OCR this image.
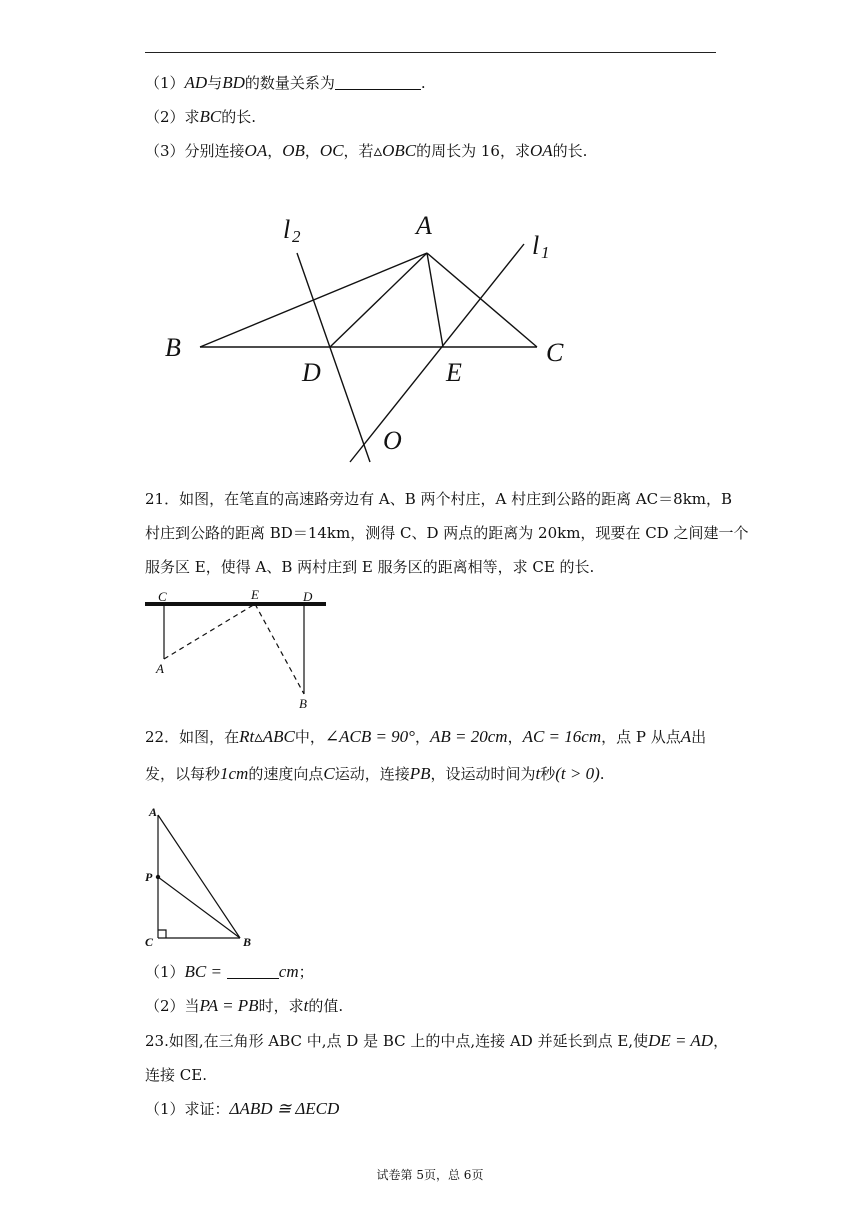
（1）AD与BD的数量关系为	.
（2）求BC的长.
（3）分别连接OA，OB，OC，若▵OBC的周长为 16，求OA的长.
A
B	C
D	E
O
l 2	l 1
21．如图，在笔直的高速路旁边有 A、B 两个村庄，A 村庄到公路的距离 AC＝8km，B
村庄到公路的距离 BD＝14km，测得 C、D 两点的距离为 20km，现要在 CD 之间建一个
服务区 E，使得 A、B 两村庄到 E 服务区的距离相等，求 CE 的长.
C	E	D
A
B
22．如图，在Rt▵ABC中，∠ACB = 90°，AB = 20cm，AC = 16cm，点 P 从点A出
发，以每秒1cm的速度向点C运动，连接PB，设运动时间为t秒(t > 0).
A
P
C	B
（1）BC =	cm；
（2）当PA = PB时，求t的值.
23.如图,在三角形 ABC 中,点 D 是 BC 上的中点,连接 AD 并延长到点 E,使DE = AD，
连接 CE.
（1）求证：ΔABD ≅ ΔECD
试卷第 5页，总 6页
